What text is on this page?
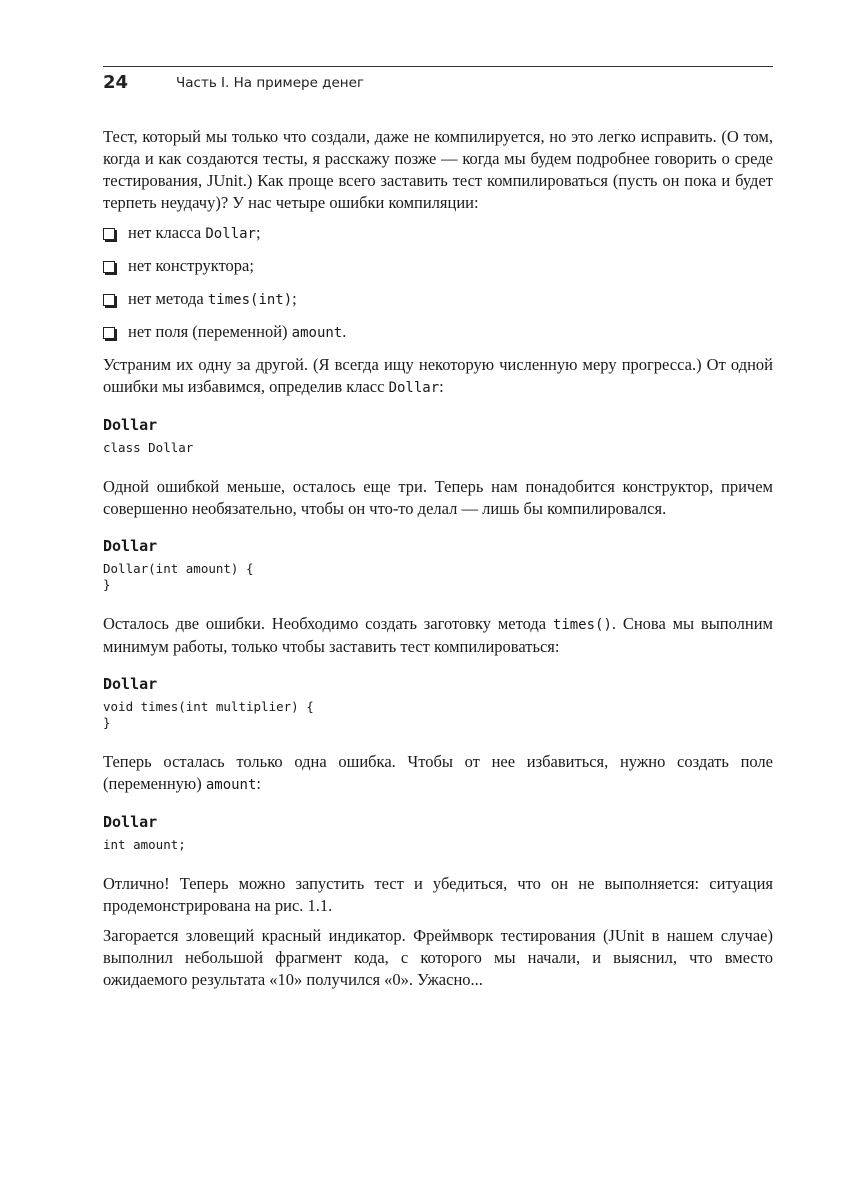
24	Часть I. На примере денег

Тест, который мы только что создали, даже не компилируется, но это легко исправить. (О том, когда и как создаются тесты, я расскажу позже — когда мы будем подробнее говорить о среде тестирования, JUnit.) Как проще всего заставить тест компилироваться (пусть он пока и будет терпеть неудачу)? У нас четыре ошибки компиляции:

нет класса Dollar;
нет конструктора;
нет метода times(int);
нет поля (переменной) amount.

Устраним их одну за другой. (Я всегда ищу некоторую численную меру прогресса.) От одной ошибки мы избавимся, определив класс Dollar:

Dollar
class Dollar

Одной ошибкой меньше, осталось еще три. Теперь нам понадобится конструктор, причем совершенно необязательно, чтобы он что-то делал — лишь бы компилировался.

Dollar
Dollar(int amount) {
}

Осталось две ошибки. Необходимо создать заготовку метода times(). Снова мы выполним минимум работы, только чтобы заставить тест компилироваться:

Dollar
void times(int multiplier) {
}

Теперь осталась только одна ошибка. Чтобы от нее избавиться, нужно создать поле (переменную) amount:

Dollar
int amount;

Отлично! Теперь можно запустить тест и убедиться, что он не выполняется: ситуация продемонстрирована на рис. 1.1.

Загорается зловещий красный индикатор. Фреймворк тестирования (JUnit в нашем случае) выполнил небольшой фрагмент кода, с которого мы начали, и выяснил, что вместо ожидаемого результата «10» получился «0». Ужасно...
